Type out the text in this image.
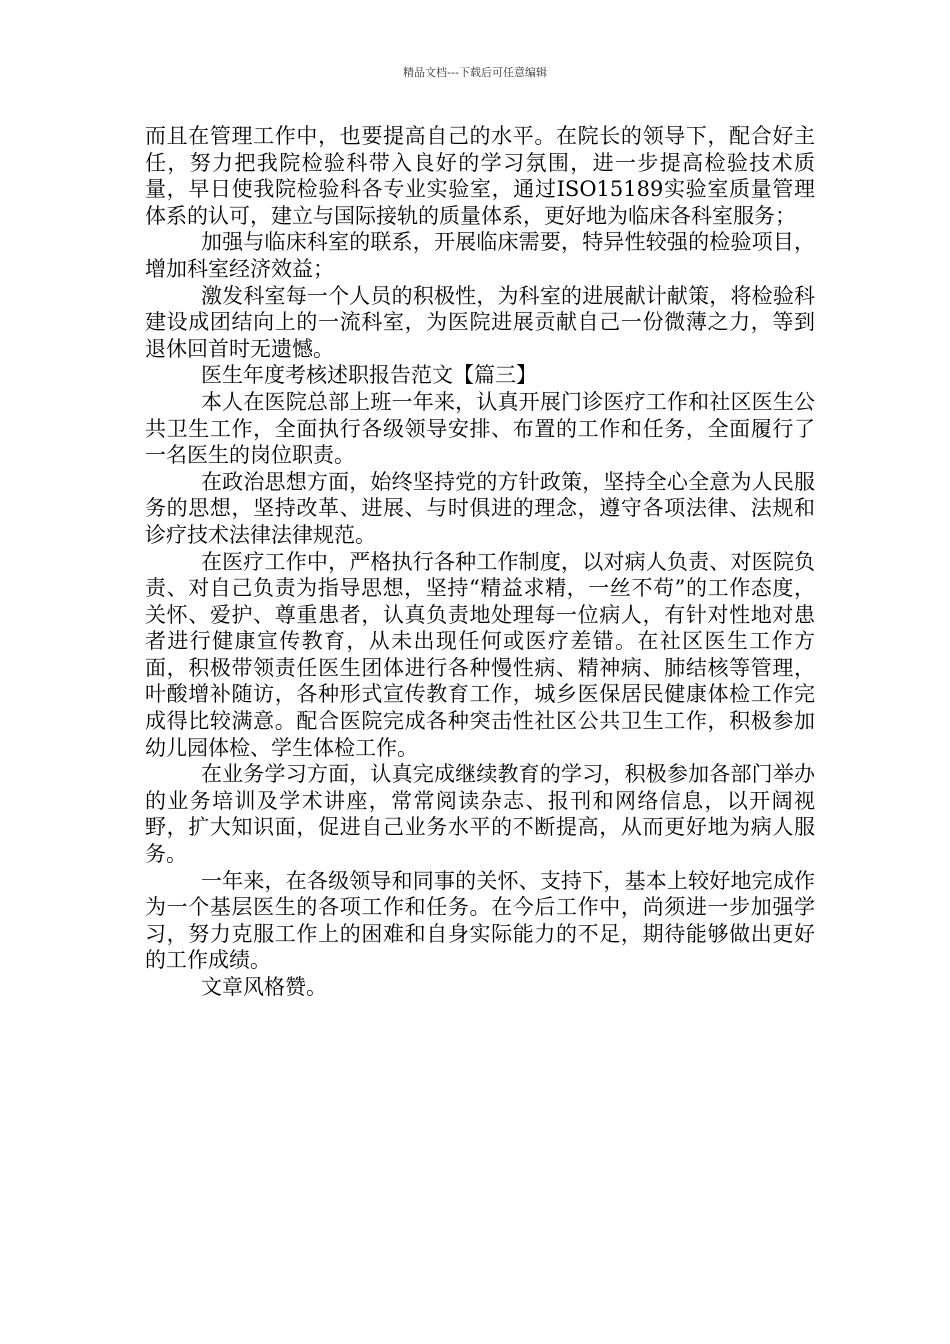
精品文档---下载后可任意编辑

而且在管理工作中，也要提高自己的水平。在院长的领导下，配合好主任，努力把我院检验科带入良好的学习氛围，进一步提高检验技术质量，早日使我院检验科各专业实验室，通过ISO15189实验室质量管理体系的认可，建立与国际接轨的质量体系，更好地为临床各科室服务；

加强与临床科室的联系，开展临床需要，特异性较强的检验项目，增加科室经济效益；

激发科室每一个人员的积极性，为科室的进展献计献策，将检验科建设成团结向上的一流科室，为医院进展贡献自己一份微薄之力，等到退休回首时无遗憾。

医生年度考核述职报告范文【篇三】

本人在医院总部上班一年来，认真开展门诊医疗工作和社区医生公共卫生工作，全面执行各级领导安排、布置的工作和任务，全面履行了一名医生的岗位职责。

在政治思想方面，始终坚持党的方针政策，坚持全心全意为人民服务的思想，坚持改革、进展、与时俱进的理念，遵守各项法律、法规和诊疗技术法律法律规范。

在医疗工作中，严格执行各种工作制度，以对病人负责、对医院负责、对自己负责为指导思想，坚持“精益求精，一丝不苟”的工作态度，关怀、爱护、尊重患者，认真负责地处理每一位病人，有针对性地对患者进行健康宣传教育，从未出现任何或医疗差错。在社区医生工作方面，积极带领责任医生团体进行各种慢性病、精神病、肺结核等管理，叶酸增补随访，各种形式宣传教育工作，城乡医保居民健康体检工作完成得比较满意。配合医院完成各种突击性社区公共卫生工作，积极参加幼儿园体检、学生体检工作。

在业务学习方面，认真完成继续教育的学习，积极参加各部门举办的业务培训及学术讲座，常常阅读杂志、报刊和网络信息，以开阔视野，扩大知识面，促进自己业务水平的不断提高，从而更好地为病人服务。

一年来，在各级领导和同事的关怀、支持下，基本上较好地完成作为一个基层医生的各项工作和任务。在今后工作中，尚须进一步加强学习，努力克服工作上的困难和自身实际能力的不足，期待能够做出更好的工作成绩。

文章风格赞。
